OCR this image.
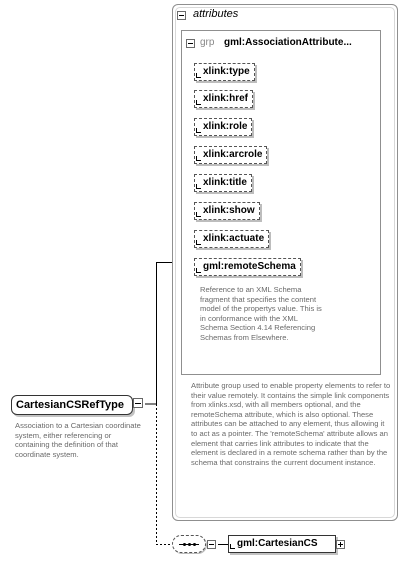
attributes
grp gml:AssociationAttribute...
xlink:type
xlink:href
xlink:role
xlink:arcrole
xlink:title
xlink:show
xlink:actuate
gml:remoteSchema
Reference to an XML Schema fragment that specifies the content model of the propertys value. This is in conformance with the XML Schema Section 4.14 Referencing Schemas from Elsewhere.
Attribute group used to enable property elements to refer to their value remotely. It contains the simple link components from xlinks.xsd, with all members optional, and the remoteSchema attribute, which is also optional. These attributes can be attached to any element, thus allowing it to act as a pointer. The 'remoteSchema' attribute allows an element that carries link attributes to indicate that the element is declared in a remote schema rather than by the schema that constrains the current document instance.
CartesianCSRefType
Association to a Cartesian coordinate system, either referencing or containing the definition of that coordinate system.
gml:CartesianCS
